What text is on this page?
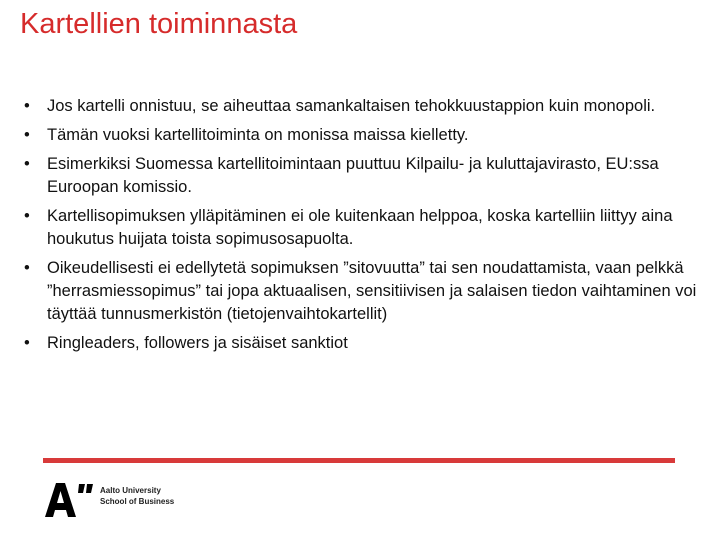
Kartellien toiminnasta
• Jos kartelli onnistuu, se aiheuttaa samankaltaisen tehokkuustappion kuin monopoli.
• Tämän vuoksi kartellitoiminta on monissa maissa kielletty.
• Esimerkiksi Suomessa kartellitoimintaan puuttuu Kilpailu- ja kuluttajavirasto, EU:ssa Euroopan komissio.
• Kartellisopimuksen ylläpitäminen ei ole kuitenkaan helppoa, koska kartelliin liittyy aina houkutus huijata toista sopimusosapuolta.
• Oikeudellisesti ei edellytetä sopimuksen ”sitovuutta” tai sen noudattamista, vaan pelkkä ”herrasmiessopimus” tai jopa aktuaalisen, sensitiivisen ja salaisen tiedon vaihtaminen voi täyttää tunnusmerkistön (tietojenvaihtokartellit)
• Ringleaders, followers ja sisäiset sanktiot
Aalto University
School of Business
